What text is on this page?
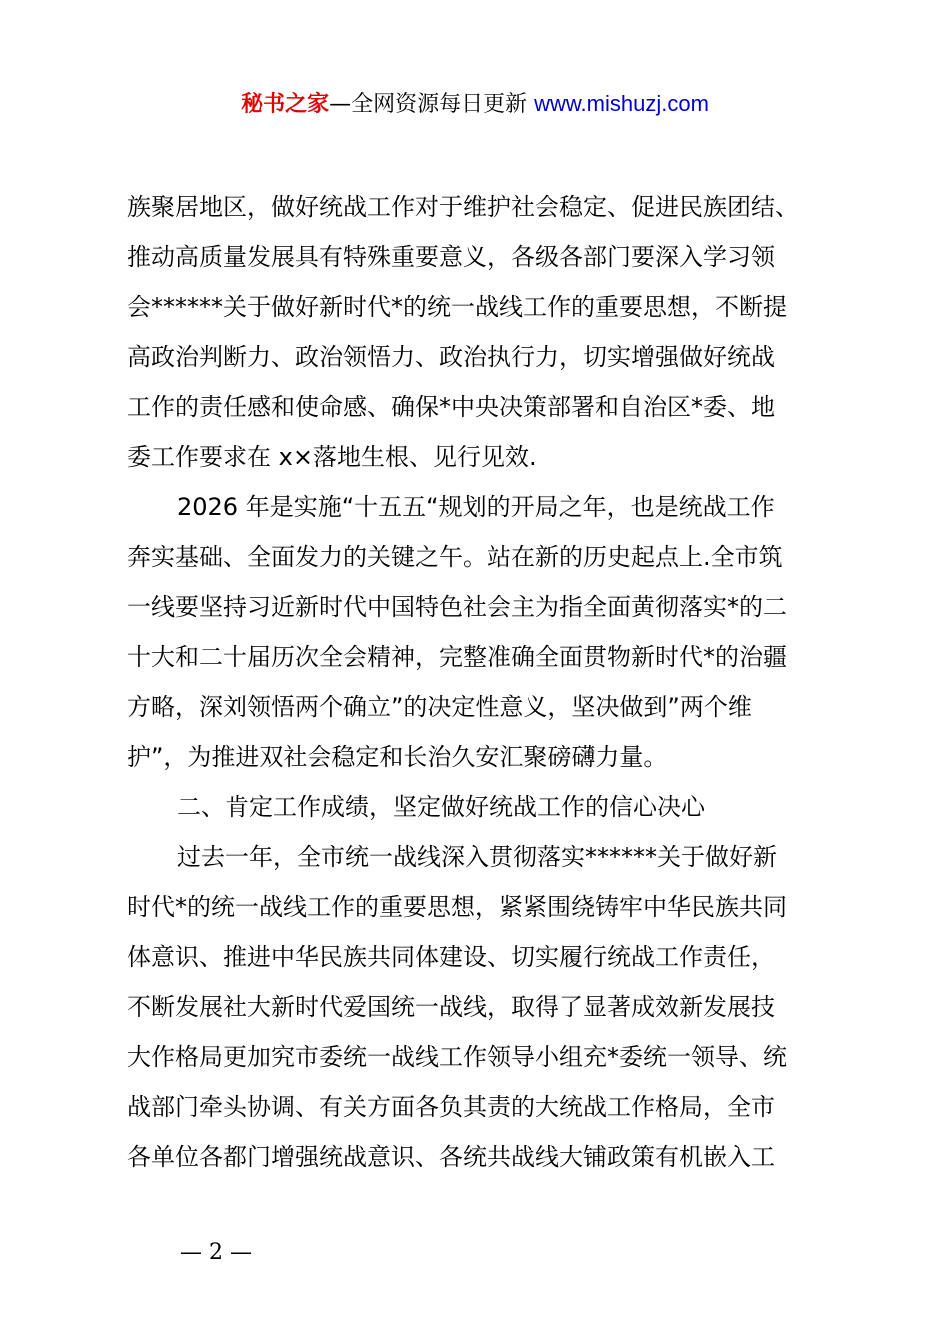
秘书之家—全网资源每日更新 www.mishuzj.com
族聚居地区，做好统战工作对于维护社会稳定、促进民族团结、
推动高质量发展具有特殊重要意义，各级各部门要深入学习领
会******关于做好新时代*的统一战线工作的重要思想，不断提
高政治判断力、政治领悟力、政治执行力，切实增强做好统战
工作的责任感和使命感、确保*中央决策部署和自治区*委、地
委工作要求在 x×落地生根、见行见效.
2026 年是实施“十五五“规划的开局之年，也是统战工作
奔实基础、全面发力的关键之午。站在新的历史起点上.全市筑
一线要坚持习近新时代中国特色社会主为指全面黄彻落实*的二
十大和二十届历次全会精神，完整准确全面贯物新时代*的治疆
方略，深刘领悟两个确立”的决定性意义，坚决做到”两个维
护”，为推进双社会稳定和长治久安汇聚磅礴力量。
二、肯定工作成绩，坚定做好统战工作的信心决心
过去一年，全市统一战线深入贯彻落实******关于做好新
时代*的统一战线工作的重要思想，紧紧围绕铸牢中华民族共同
体意识、推进中华民族共同体建设、切实履行统战工作责任，
不断发展社大新时代爱国统一战线，取得了显著成效新发展技
大作格局更加究市委统一战线工作领导小组充*委统一领导、统
战部门牵头协调、有关方面各负其责的大统战工作格局，全市
各单位各都门增强统战意识、各统共战线大铺政策有机嵌入工
— 2 —
